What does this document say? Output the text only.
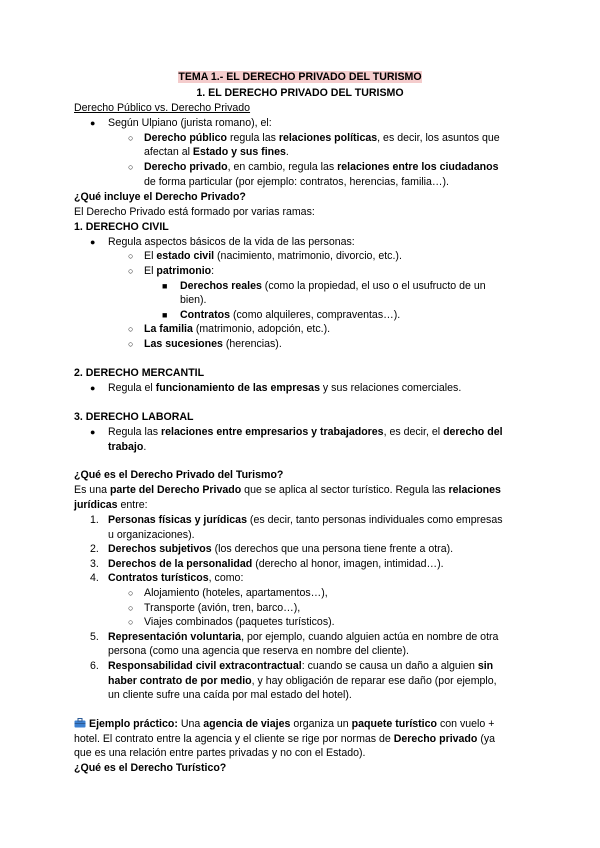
TEMA 1.- EL DERECHO PRIVADO DEL TURISMO
1. EL DERECHO PRIVADO DEL TURISMO
Derecho Público vs. Derecho Privado
● Según Ulpiano (jurista romano), el:
○ Derecho público regula las relaciones políticas, es decir, los asuntos que
afectan al Estado y sus fines.
○ Derecho privado, en cambio, regula las relaciones entre los ciudadanos
de forma particular (por ejemplo: contratos, herencias, familia…).
¿Qué incluye el Derecho Privado?
El Derecho Privado está formado por varias ramas:
1. DERECHO CIVIL
● Regula aspectos básicos de la vida de las personas:
○ El estado civil (nacimiento, matrimonio, divorcio, etc.).
○ El patrimonio:
■ Derechos reales (como la propiedad, el uso o el usufructo de un
bien).
■ Contratos (como alquileres, compraventas…).
○ La familia (matrimonio, adopción, etc.).
○ Las sucesiones (herencias).
2. DERECHO MERCANTIL
● Regula el funcionamiento de las empresas y sus relaciones comerciales.
3. DERECHO LABORAL
● Regula las relaciones entre empresarios y trabajadores, es decir, el derecho del
trabajo.
¿Qué es el Derecho Privado del Turismo?
Es una parte del Derecho Privado que se aplica al sector turístico. Regula las relaciones
jurídicas entre:
1. Personas físicas y jurídicas (es decir, tanto personas individuales como empresas
u organizaciones).
2. Derechos subjetivos (los derechos que una persona tiene frente a otra).
3. Derechos de la personalidad (derecho al honor, imagen, intimidad…).
4. Contratos turísticos, como:
○ Alojamiento (hoteles, apartamentos…),
○ Transporte (avión, tren, barco…),
○ Viajes combinados (paquetes turísticos).
5. Representación voluntaria, por ejemplo, cuando alguien actúa en nombre de otra
persona (como una agencia que reserva en nombre del cliente).
6. Responsabilidad civil extracontractual: cuando se causa un daño a alguien sin
haber contrato de por medio, y hay obligación de reparar ese daño (por ejemplo,
un cliente sufre una caída por mal estado del hotel).
Ejemplo práctico: Una agencia de viajes organiza un paquete turístico con vuelo +
hotel. El contrato entre la agencia y el cliente se rige por normas de Derecho privado (ya
que es una relación entre partes privadas y no con el Estado).
¿Qué es el Derecho Turístico?
